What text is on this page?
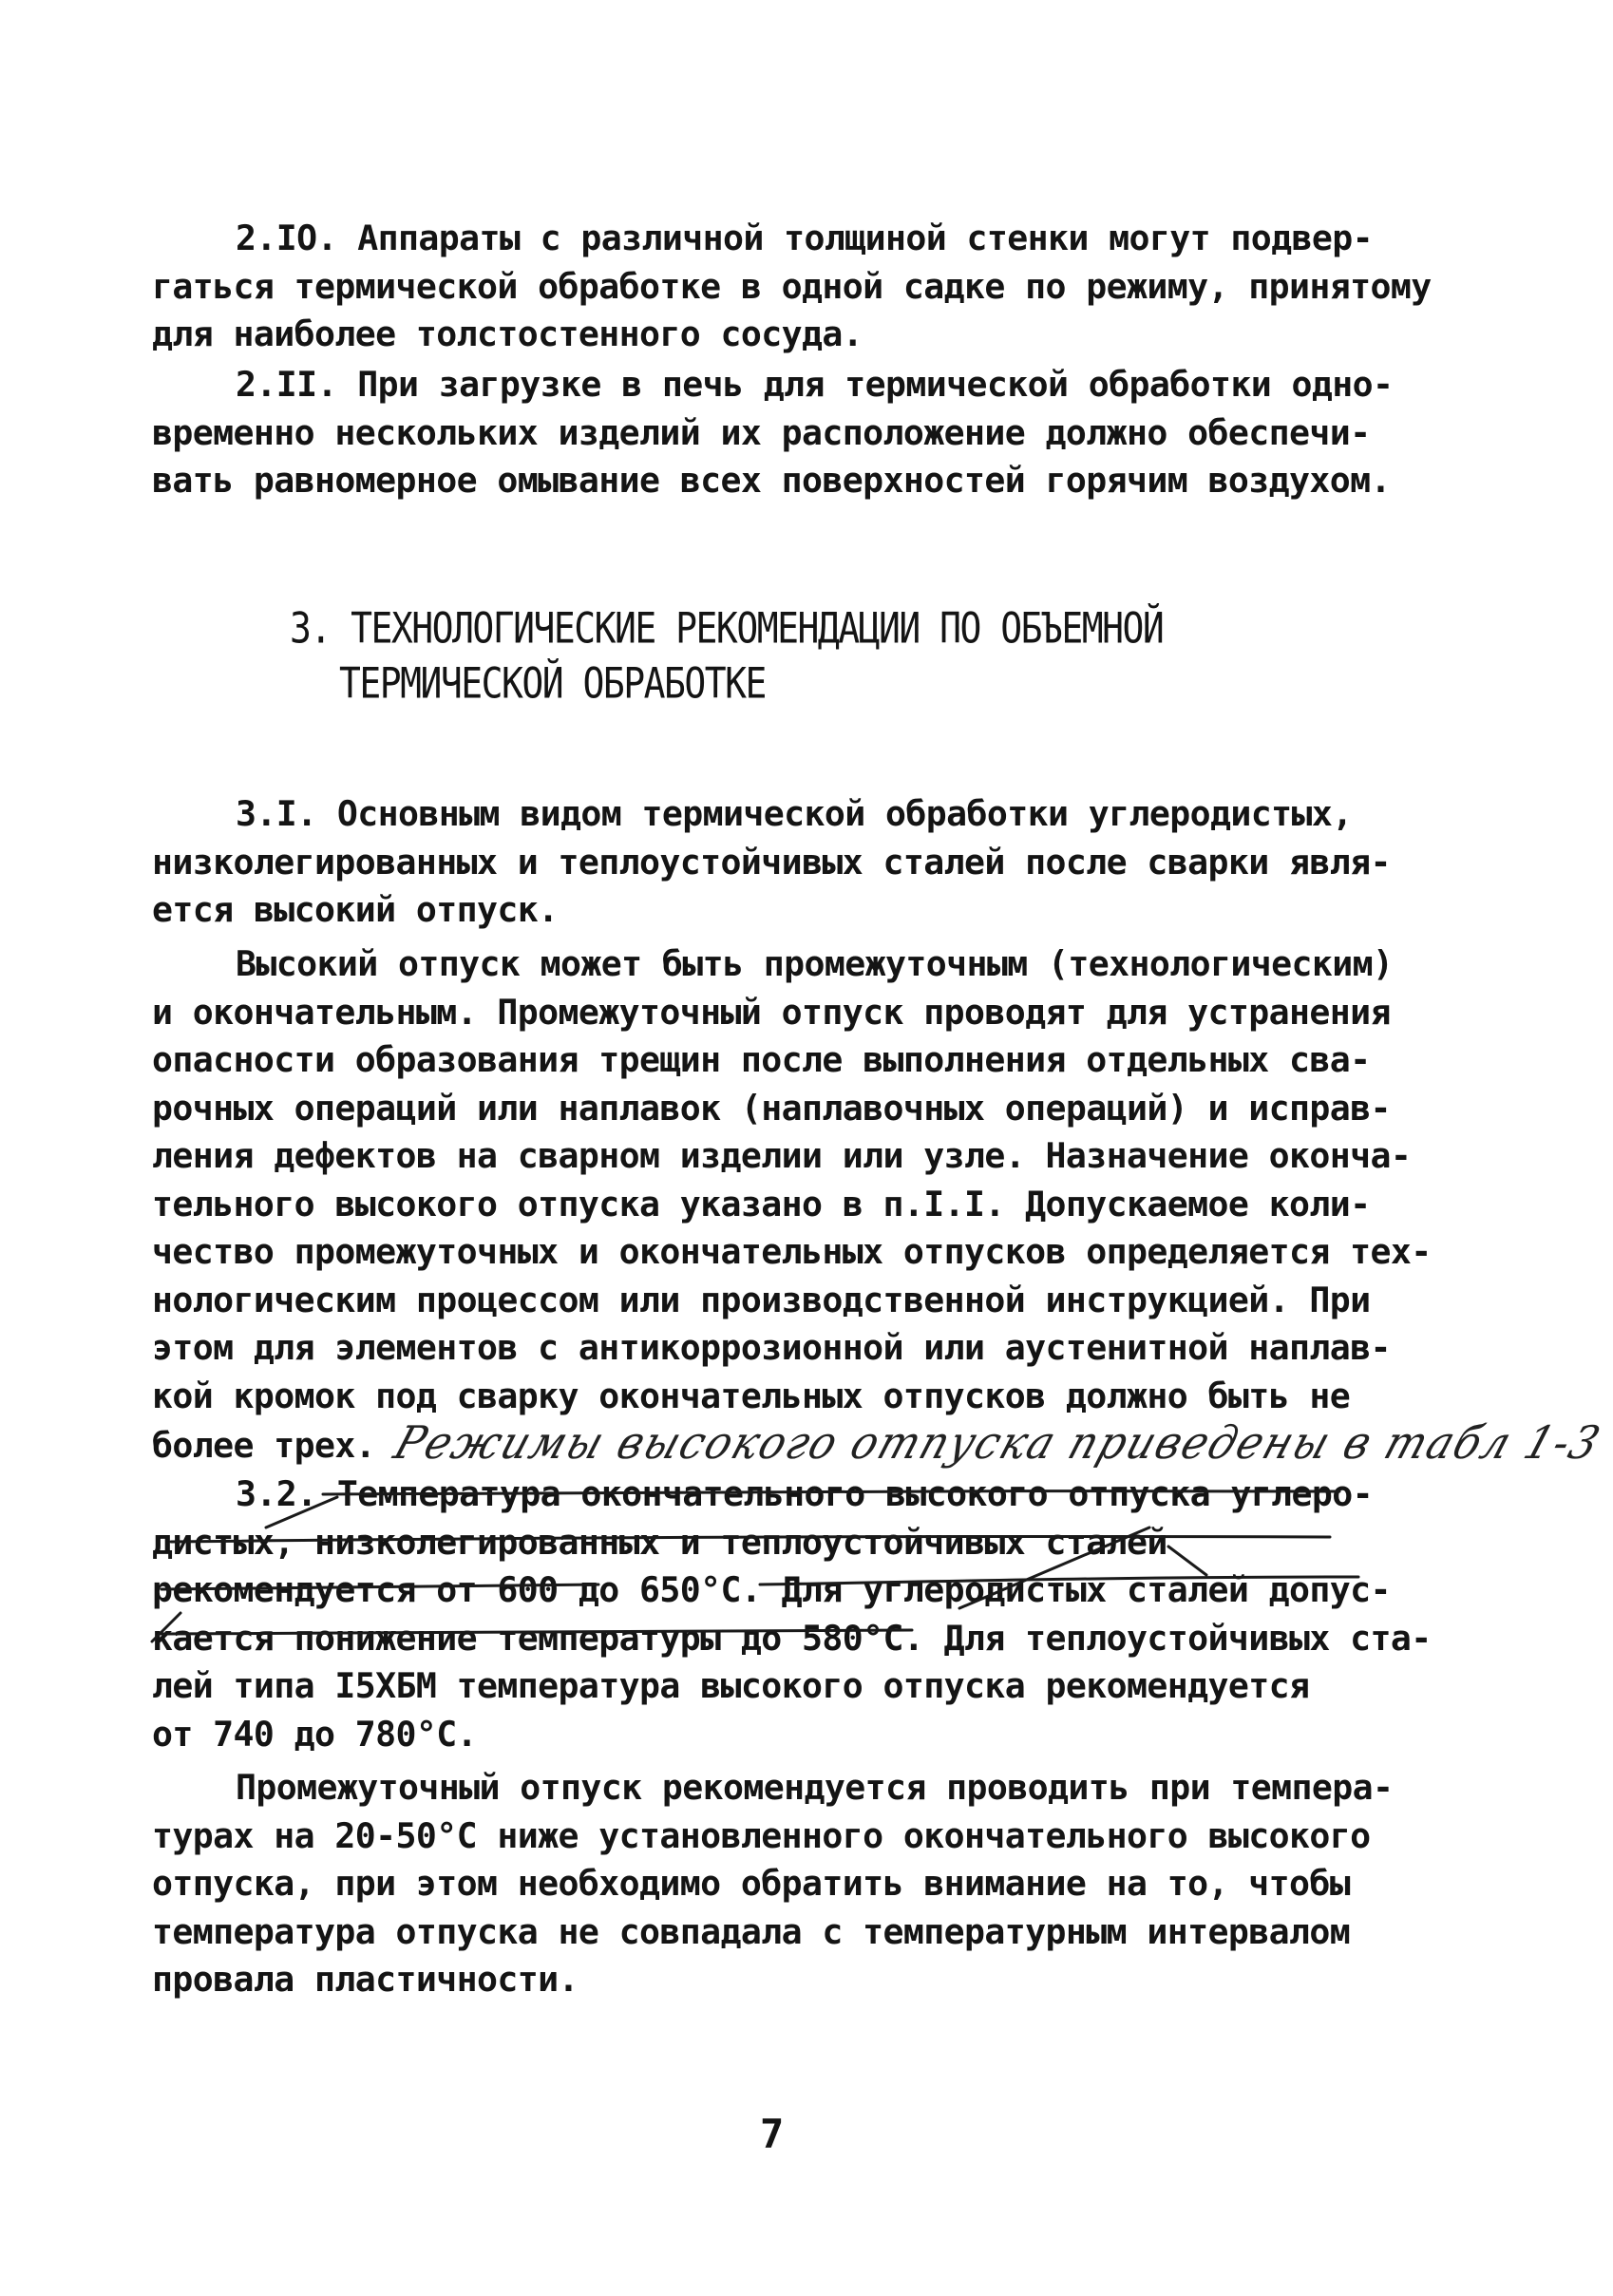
2.IO. Аппараты с различной толщиной стенки могут подвер-
гаться термической обработке в одной садке по режиму, принятому
для наиболее толстостенного сосуда.
2.II. При загрузке в печь для термической обработки одно-
временно нескольких изделий их расположение должно обеспечи-
вать равномерное омывание всех поверхностей горячим воздухом.
3. ТЕХНОЛОГИЧЕСКИЕ РЕКОМЕНДАЦИИ ПО ОБЪЕМНОЙ
ТЕРМИЧЕСКОЙ ОБРАБОТКЕ
3.I. Основным видом термической обработки углеродистых,
низколегированных и теплоустойчивых сталей после сварки явля-
ется высокий отпуск.
Высокий отпуск может быть промежуточным (технологическим)
и окончательным. Промежуточный отпуск проводят для устранения
опасности образования трещин после выполнения отдельных сва-
рочных операций или наплавок (наплавочных операций) и исправ-
ления дефектов на сварном изделии или узле. Назначение оконча-
тельного высокого отпуска указано в п.I.I. Допускаемое коли-
чество промежуточных и окончательных отпусков определяется тех-
нологическим процессом или производственной инструкцией. При
этом для элементов с антикоррозионной или аустенитной наплав-
кой кромок под сварку окончательных отпусков должно быть не
более трех. Режимы высокого отпуска приведены в табл 1-3
3.2. Температура окончательного высокого отпуска углеро-
дистых, низколегированных и теплоустойчивых сталей
рекомендуется от 600 до 650°С. Для углеродистых сталей допус-
кается понижение температуры до 580°С. Для теплоустойчивых ста-
лей типа I5ХБМ температура высокого отпуска рекомендуется
от 740 до 780°С.
Промежуточный отпуск рекомендуется проводить при темпера-
турах на 20-50°С ниже установленного окончательного высокого
отпуска, при этом необходимо обратить внимание на то, чтобы
температура отпуска не совпадала с температурным интервалом
провала пластичности.
7
